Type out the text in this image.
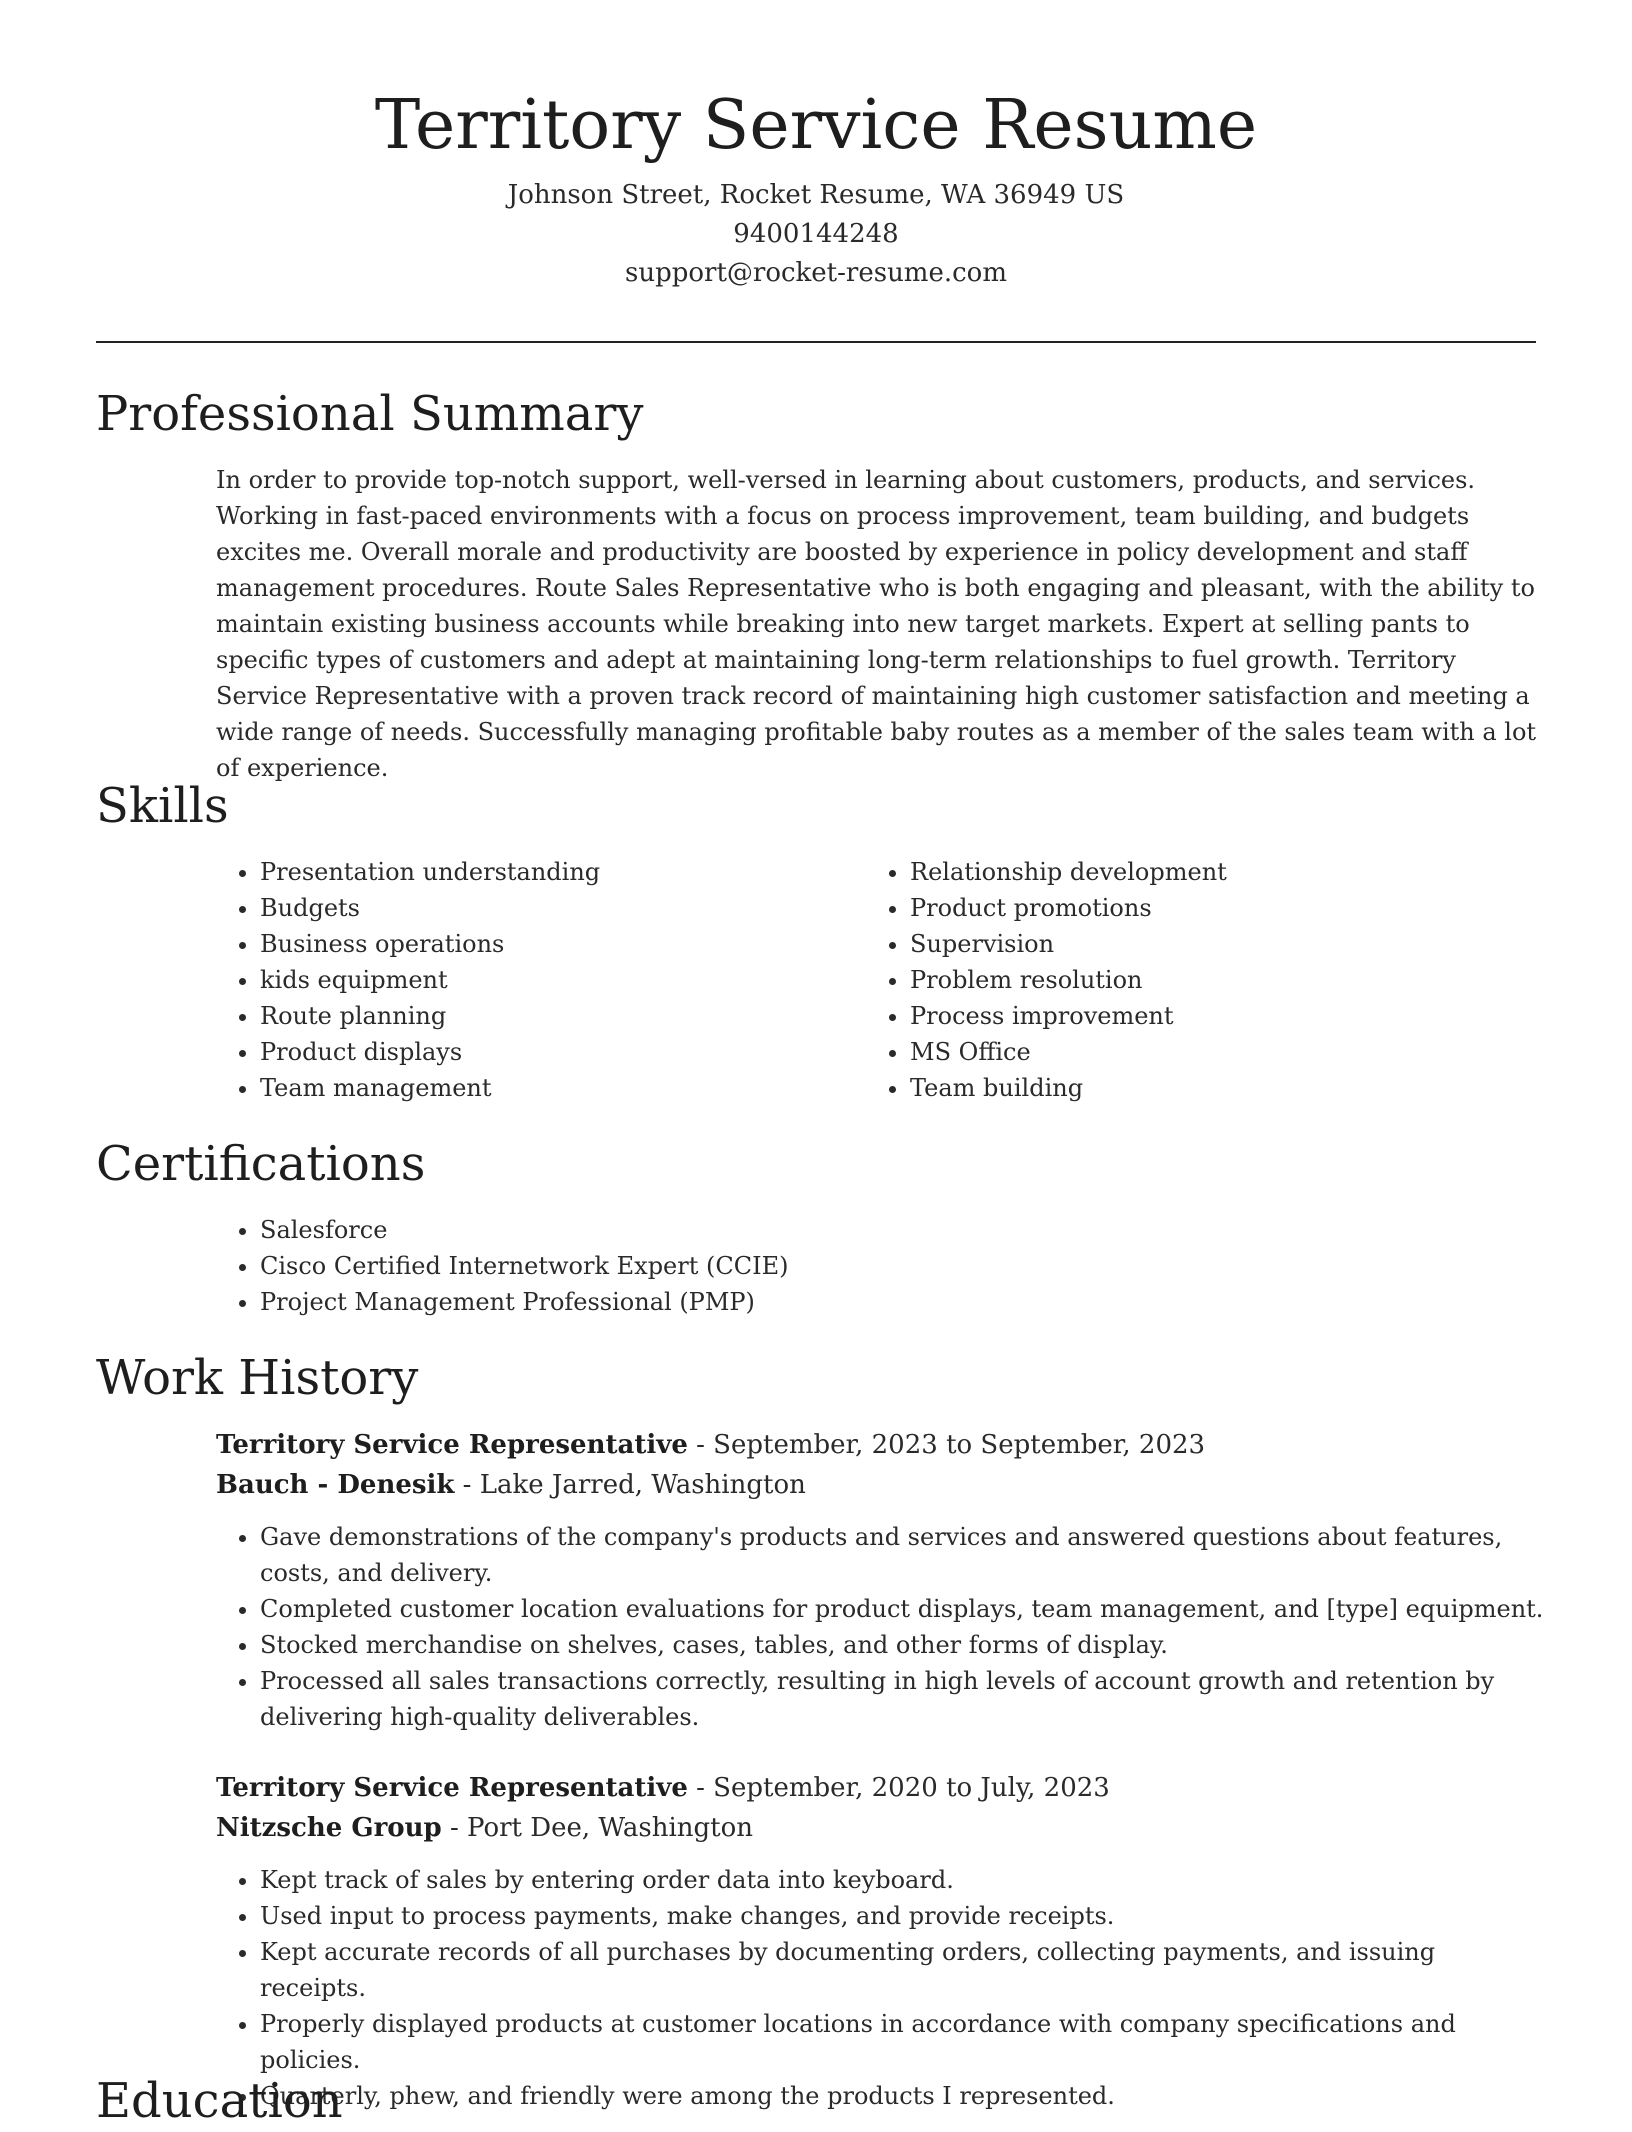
Territory Service Resume
Johnson Street, Rocket Resume, WA 36949 US
9400144248
support@rocket-resume.com
Professional Summary

In order to provide top-notch support, well-versed in learning about customers, products, and services. Working in fast-paced environments with a focus on process improvement, team building, and budgets excites me. Overall morale and productivity are boosted by experience in policy development and staff management procedures. Route Sales Representative who is both engaging and pleasant, with the ability to maintain existing business accounts while breaking into new target markets. Expert at selling pants to specific types of customers and adept at maintaining long-term relationships to fuel growth. Territory Service Representative with a proven track record of maintaining high customer satisfaction and meeting a wide range of needs. Successfully managing profitable baby routes as a member of the sales team with a lot of experience.

Skills
• Presentation understanding
• Budgets
• Business operations
• kids equipment
• Route planning
• Product displays
• Team management
• Relationship development
• Product promotions
• Supervision
• Problem resolution
• Process improvement
• MS Office
• Team building
Certifications
• Salesforce
• Cisco Certified Internetwork Expert (CCIE)
• Project Management Professional (PMP)
Work History
Territory Service Representative - September, 2023 to September, 2023
Bauch - Denesik - Lake Jarred, Washington
• Gave demonstrations of the company's products and services and answered questions about features, costs, and delivery.
• Completed customer location evaluations for product displays, team management, and [type] equipment.
• Stocked merchandise on shelves, cases, tables, and other forms of display.
• Processed all sales transactions correctly, resulting in high levels of account growth and retention by delivering high-quality deliverables.
Territory Service Representative - September, 2020 to July, 2023
Nitzsche Group - Port Dee, Washington
• Kept track of sales by entering order data into keyboard.
• Used input to process payments, make changes, and provide receipts.
• Kept accurate records of all purchases by documenting orders, collecting payments, and issuing receipts.
• Properly displayed products at customer locations in accordance with company specifications and policies.
• Quarterly, phew, and friendly were among the products I represented.
Education
